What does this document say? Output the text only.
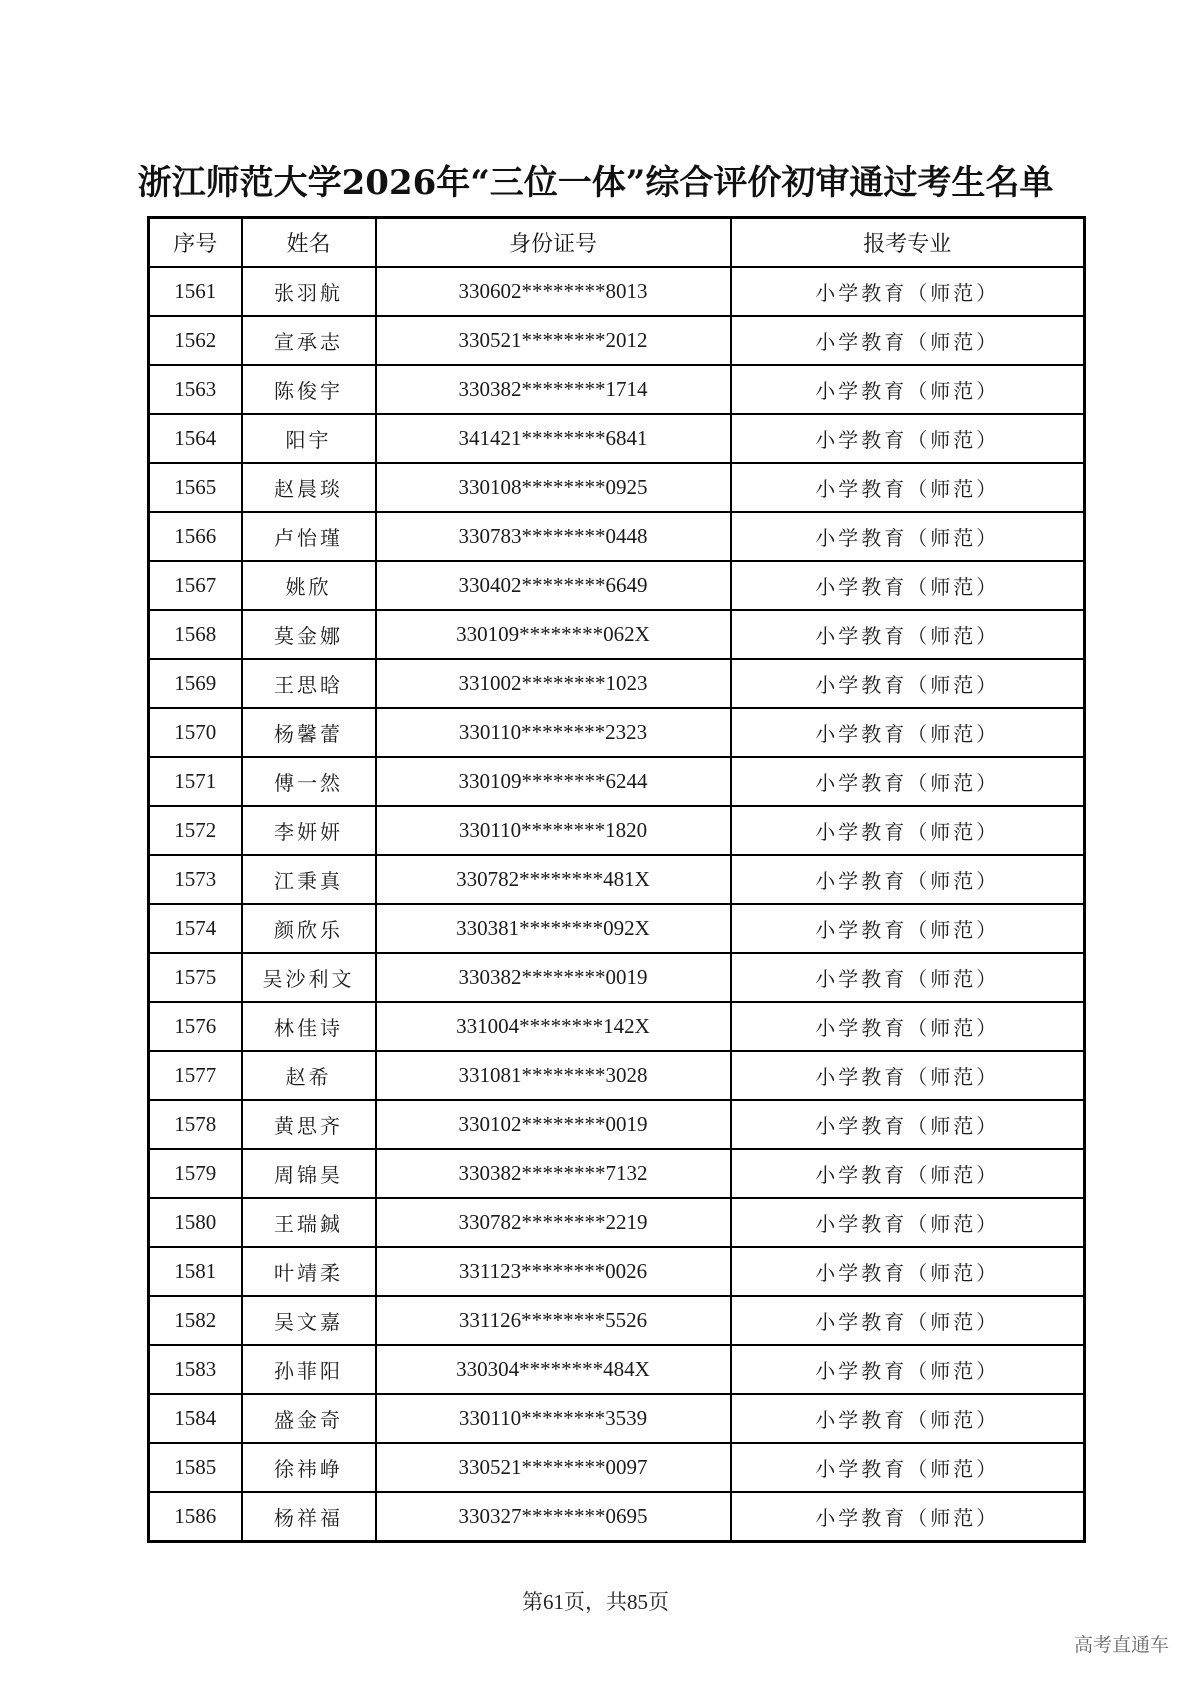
浙江师范大学2026年“三位一体”综合评价初审通过考生名单
序号	姓名	身份证号	报考专业
1561	张羽航	330602********8013	小学教育（师范）
1562	宣承志	330521********2012	小学教育（师范）
1563	陈俊宇	330382********1714	小学教育（师范）
1564	阳宇	341421********6841	小学教育（师范）
1565	赵晨琰	330108********0925	小学教育（师范）
1566	卢怡瑾	330783********0448	小学教育（师范）
1567	姚欣	330402********6649	小学教育（师范）
1568	莫金娜	330109********062X	小学教育（师范）
1569	王思晗	331002********1023	小学教育（师范）
1570	杨馨蕾	330110********2323	小学教育（师范）
1571	傅一然	330109********6244	小学教育（师范）
1572	李妍妍	330110********1820	小学教育（师范）
1573	江秉真	330782********481X	小学教育（师范）
1574	颜欣乐	330381********092X	小学教育（师范）
1575	吴沙利文	330382********0019	小学教育（师范）
1576	林佳诗	331004********142X	小学教育（师范）
1577	赵希	331081********3028	小学教育（师范）
1578	黄思齐	330102********0019	小学教育（师范）
1579	周锦昊	330382********7132	小学教育（师范）
1580	王瑞鋮	330782********2219	小学教育（师范）
1581	叶靖柔	331123********0026	小学教育（师范）
1582	吴文嘉	331126********5526	小学教育（师范）
1583	孙菲阳	330304********484X	小学教育（师范）
1584	盛金奇	330110********3539	小学教育（师范）
1585	徐祎峥	330521********0097	小学教育（师范）
1586	杨祥福	330327********0695	小学教育（师范）
第61页，共85页
高考直通车
